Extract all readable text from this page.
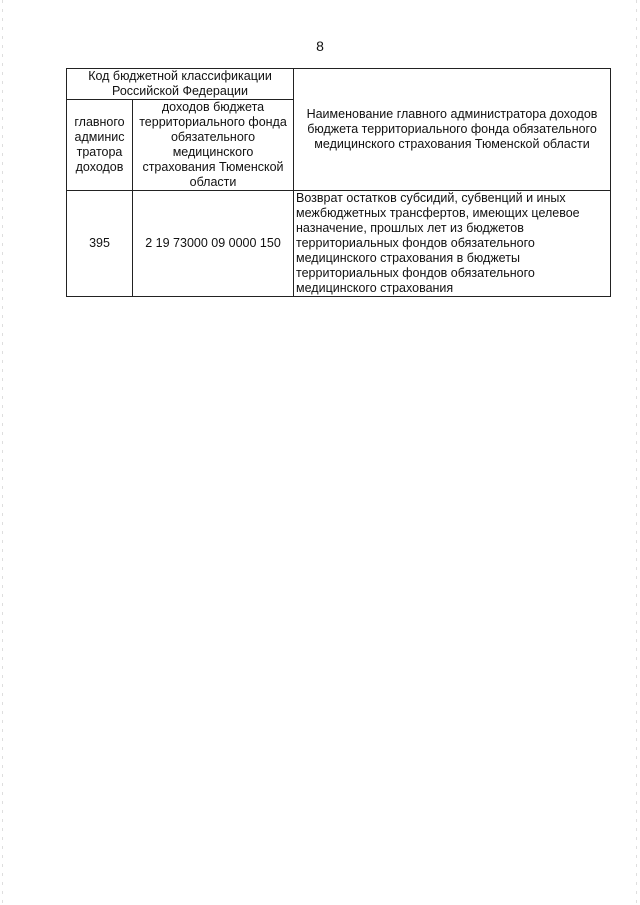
8
Код бюджетной классификации Российской Федерации		Наименование главного администратора доходов бюджета территориального фонда обязательного медицинского страхования Тюменской области
главного админис тратора доходов	доходов бюджета территориального фонда обязательного медицинского страхования Тюменской области	
395	2 19 73000 09 0000 150	Возврат остатков субсидий, субвенций и иных межбюджетных трансфертов, имеющих целевое назначение, прошлых лет из бюджетов территориальных фондов обязательного медицинского страхования в бюджеты территориальных фондов обязательного медицинского страхования
